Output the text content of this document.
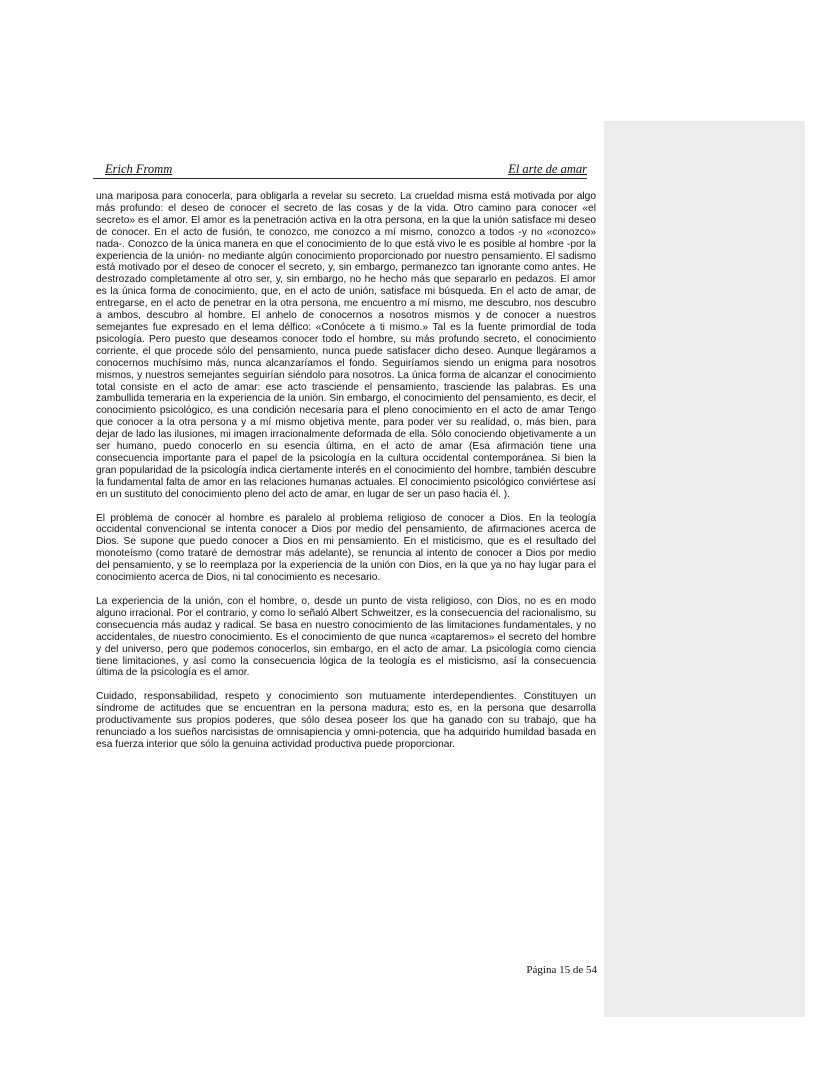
Erich Fromm	El arte de amar

una mariposa para conocerla, para obligarla a revelar su secreto. La crueldad misma está motivada por algo más profundo: el deseo de conocer el secreto de las cosas y de la vida. Otro camino para conocer «el secreto» es el amor. El amor es la penetración activa en la otra persona, en la que la unión satisface mi deseo de conocer. En el acto de fusión, te conozco, me conozco a mí mismo, conozco a todos -y no «conozco» nada-. Conozco de la única manera en que el conocimiento de lo que está vivo le es posible al hombre -por la experiencia de la unión- no mediante algún conocimiento proporcionado por nuestro pensamiento. El sadismo está motivado por el deseo de conocer el secreto, y, sin embargo, permanezco tan ignorante como antes. He destrozado completamente al otro ser, y, sin embargo, no he hecho más que separarlo en pedazos. El amor es la única forma de conocimiento, que, en el acto de unión, satisface mi búsqueda. En el acto de amar, de entregarse, en el acto de penetrar en la otra persona, me encuentro a mí mismo, me descubro, nos descubro a ambos, descubro al hombre. El anhelo de conocernos a nosotros mismos y de conocer a nuestros semejantes fue expresado en el lema délfico: «Conócete a ti mismo.» Tal es la fuente primordial de toda psicología. Pero puesto que deseamos conocer todo el hombre, su más profundo secreto, el conocimiento corriente, el que procede sólo del pensamiento, nunca puede satisfacer dicho deseo. Aunque llegáramos a conocernos muchísimo más, nunca alcanzaríamos el fondo. Seguiríamos siendo un enigma para nosotros mismos, y nuestros semejantes seguirían siéndolo para nosotros. La única forma de alcanzar el conocimiento total consiste en el acto de amar: ese acto trasciende el pensamiento, trasciende las palabras. Es una zambullida temeraria en la experiencia de la unión. Sin embargo, el conocimiento del pensamiento, es decir, el conocimiento psicológico, es una condición necesaria para el pleno conocimiento en el acto de amar Tengo que conocer a la otra persona y a mí mismo objetiva mente, para poder ver su realidad, o, más bien, para dejar de lado las ilusiones, mi imagen irracionalmente deformada de ella. Sólo conociendo objetivamente a un ser humano, puedo conocerlo en su esencia última, en el acto de amar (Esa afirmación tiene una consecuencia importante para el papel de la psicología en la cultura occidental contemporánea. Si bien la gran popularidad de la psicología indica ciertamente interés en el conocimiento del hombre, también descubre la fundamental falta de amor en las relaciones humanas actuales. El conocimiento psicológico conviértese así en un sustituto del conocimiento pleno del acto de amar, en lugar de ser un paso hacia él. ).

El problema de conocer al hombre es paralelo al problema religioso de conocer a Dios. En la teología occidental convencional se intenta conocer a Dios por medio del pensamiento, de afirmaciones acerca de Dios. Se supone que puedo conocer a Dios en mi pensamiento. En el misticismo, que es el resultado del monoteísmo (como trataré de demostrar más adelante), se renuncia al intento de conocer a Dios por medio del pensamiento, y se lo reemplaza por la experiencia de la unión con Dios, en la que ya no hay lugar para el conocimiento acerca de Dios, ni tal conocimiento es necesario.

La experiencia de la unión, con el hombre, o, desde un punto de vista religioso, con Dios, no es en modo alguno irracional. Por el contrario, y como lo señaló Albert Schweitzer, es la consecuencia del racionalismo, su consecuencia más audaz y radical. Se basa en nuestro conocimiento de las limitaciones fundamentales, y no accidentales, de nuestro conocimiento. Es el conocimiento de que nunca «captaremos» el secreto del hombre y del universo, pero que podemos conocerlos, sin embargo, en el acto de amar. La psicología como ciencia tiene limitaciones, y así como la consecuencia lógica de la teología es el misticismo, así la consecuencia última de la psicología es el amor.

Cuidado, responsabilidad, respeto y conocimiento son mutuamente interdependientes. Constituyen un síndrome de actitudes que se encuentran en la persona madura; esto es, en la persona que desarrolla productivamente sus propios poderes, que sólo desea poseer los que ha ganado con su trabajo, que ha renunciado a los sueños narcisistas de omnisapiencia y omni-potencia, que ha adquirido humildad basada en esa fuerza interior que sólo la genuina actividad productiva puede proporcionar.

Página 15 de 54
